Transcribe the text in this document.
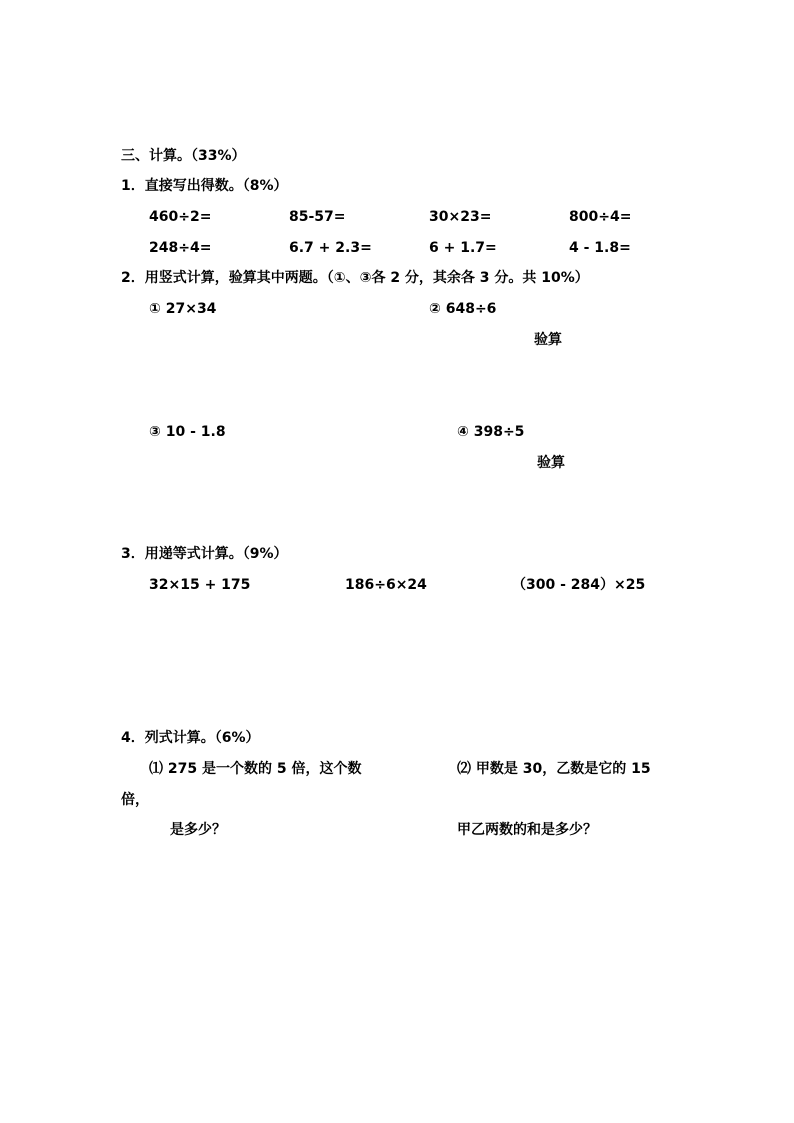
三、计算。（33%）
1．直接写出得数。（8%）
460÷2=	85-57=	30×23=	800÷4=
248÷4=	6.7 + 2.3=	6 + 1.7=	4 - 1.8=
2．用竖式计算，验算其中两题。（①、③各 2 分，其余各 3 分。共 10%）
① 27×34	② 648÷6
验算
③ 10 - 1.8	④ 398÷5
验算
3．用递等式计算。（9%）
32×15 + 175	186÷6×24	（300 - 284）×25
4．列式计算。（6%）
⑴ 275 是一个数的 5 倍，这个数	⑵ 甲数是 30，乙数是它的 15
倍，
是多少？	甲乙两数的和是多少？
